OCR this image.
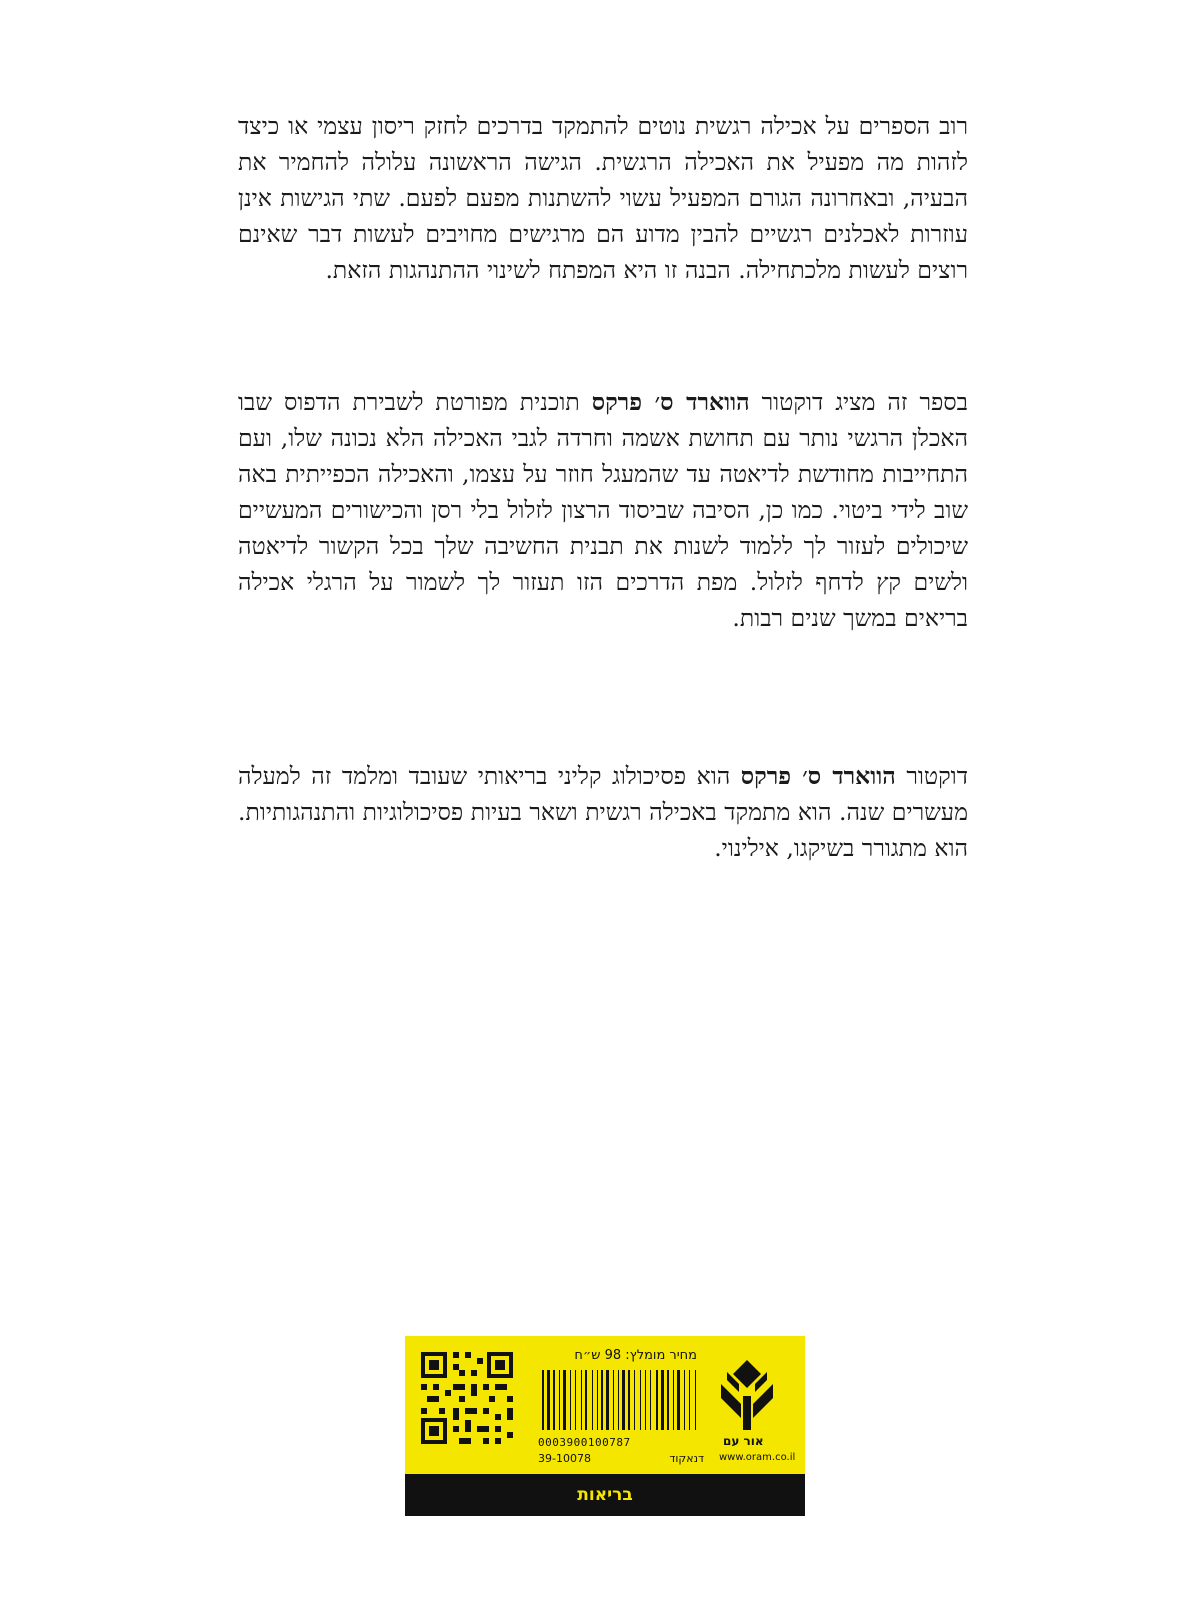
רוב הספרים על אכילה רגשית נוטים להתמקד בדרכים לחזק ריסון עצמי או כיצד לזהות מה מפעיל את האכילה הרגשית. הגישה הראשונה עלולה להחמיר את הבעיה, ובאחרונה הגורם המפעיל עשוי להשתנות מפעם לפעם. שתי הגישות אינן עוזרות לאכלנים רגשיים להבין מדוע הם מרגישים מחויבים לעשות דבר שאינם רוצים לעשות מלכתחילה. הבנה זו היא המפתח לשינוי ההתנהגות הזאת.

בספר זה מציג דוקטור הווארד ס׳ פרקס תוכנית מפורטת לשבירת הדפוס שבו האכלן הרגשי נותר עם תחושת אשמה וחרדה לגבי האכילה הלא נכונה שלו, ועם התחייבות מחודשת לדיאטה עד שהמעגל חוזר על עצמו, והאכילה הכפייתית באה שוב לידי ביטוי. כמו כן, הסיבה שביסוד הרצון לזלול בלי רסן והכישורים המעשיים שיכולים לעזור לך ללמוד לשנות את תבנית החשיבה שלך בכל הקשור לדיאטה ולשים קץ לדחף לזלול. מפת הדרכים הזו תעזור לך לשמור על הרגלי אכילה בריאים במשך שנים רבות.

דוקטור הווארד ס׳ פרקס הוא פסיכולוג קליני בריאותי שעובד ומלמד זה למעלה מעשרים שנה. הוא מתמקד באכילה רגשית ושאר בעיות פסיכולוגיות והתנהגותיות. הוא מתגורר בשיקגו, אילינוי.

מחיר מומלץ: 98 ש״ח
0003900100787
39-10078	דנאקוד
אור עם
www.oram.co.il
בריאות
